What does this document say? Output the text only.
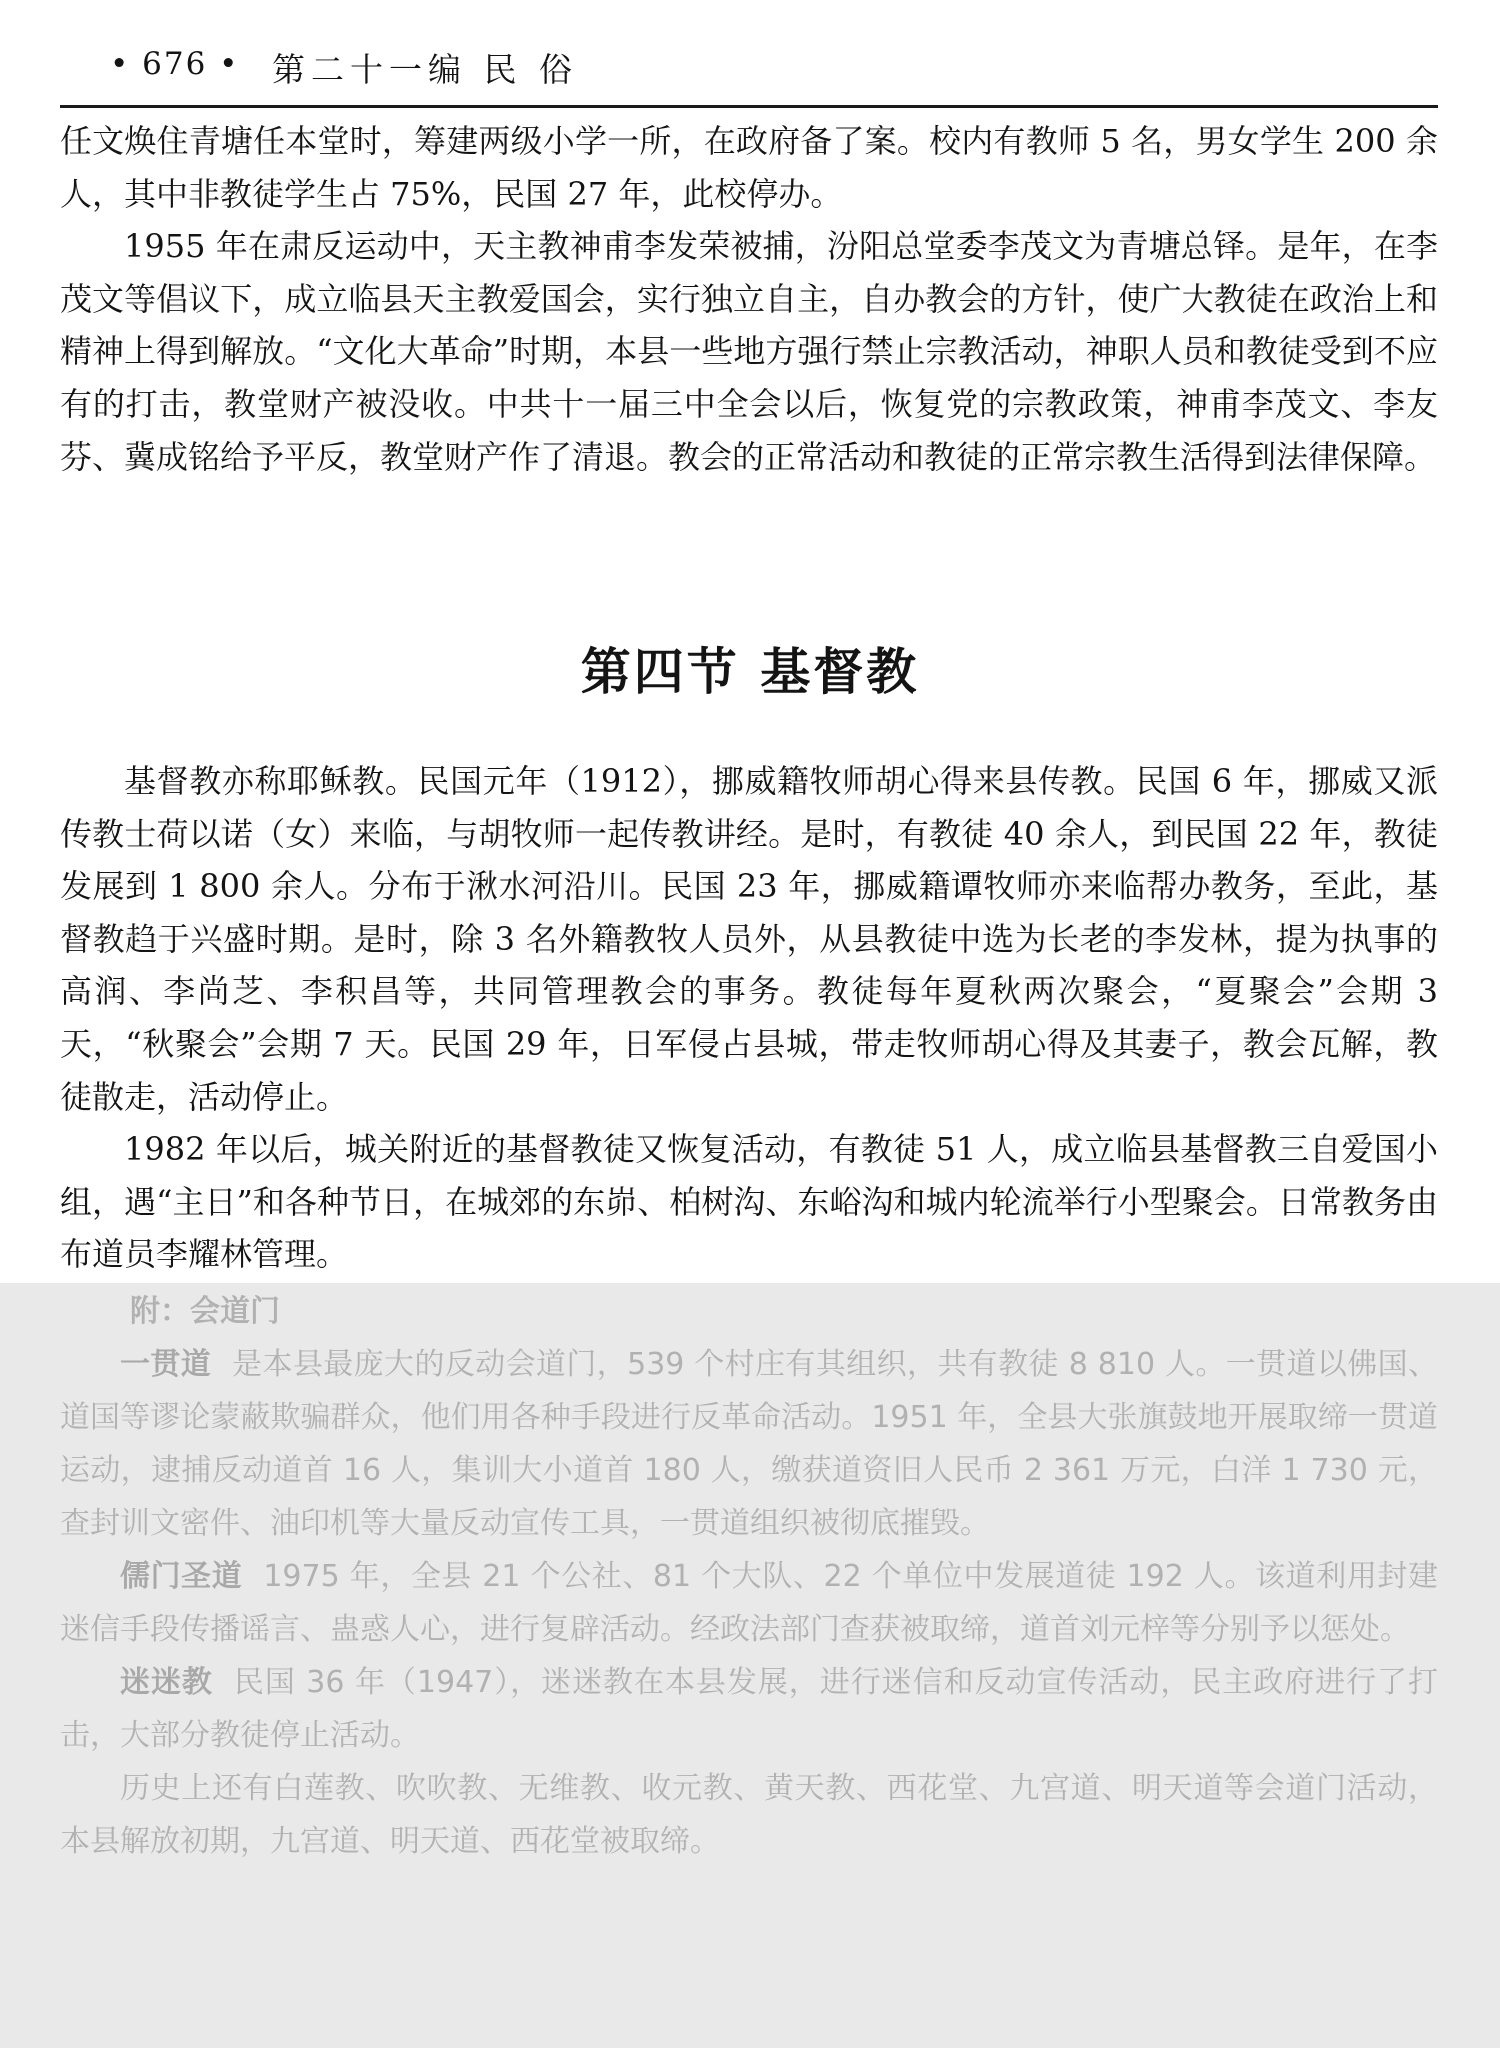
• 676 • 第二十一编 民 俗

任文焕住青塘任本堂时，筹建两级小学一所，在政府备了案。校内有教师 5 名，男女学生 200 余人，其中非教徒学生占 75%，民国 27 年，此校停办。

1955 年在肃反运动中，天主教神甫李发荣被捕，汾阳总堂委李茂文为青塘总铎。是年，在李茂文等倡议下，成立临县天主教爱国会，实行独立自主，自办教会的方针，使广大教徒在政治上和精神上得到解放。“文化大革命”时期，本县一些地方强行禁止宗教活动，神职人员和教徒受到不应有的打击，教堂财产被没收。中共十一届三中全会以后，恢复党的宗教政策，神甫李茂文、李友芬、冀成铭给予平反，教堂财产作了清退。教会的正常活动和教徒的正常宗教生活得到法律保障。

第四节 基督教

基督教亦称耶稣教。民国元年（1912），挪威籍牧师胡心得来县传教。民国 6 年，挪威又派传教士荷以诺（女）来临，与胡牧师一起传教讲经。是时，有教徒 40 余人，到民国 22 年，教徒发展到 1 800 余人。分布于湫水河沿川。民国 23 年，挪威籍谭牧师亦来临帮办教务，至此，基督教趋于兴盛时期。是时，除 3 名外籍教牧人员外，从县教徒中选为长老的李发林，提为执事的高润、李尚芝、李积昌等，共同管理教会的事务。教徒每年夏秋两次聚会，“夏聚会”会期 3 天，“秋聚会”会期 7 天。民国 29 年，日军侵占县城，带走牧师胡心得及其妻子，教会瓦解，教徒散走，活动停止。

1982 年以后，城关附近的基督教徒又恢复活动，有教徒 51 人，成立临县基督教三自爱国小组，遇“主日”和各种节日，在城郊的东峁、柏树沟、东峪沟和城内轮流举行小型聚会。日常教务由布道员李耀林管理。

附：会道门

一贯道 是本县最庞大的反动会道门，539 个村庄有其组织，共有教徒 8 810 人。一贯道以佛国、道国等谬论蒙蔽欺骗群众，他们用各种手段进行反革命活动。1951 年，全县大张旗鼓地开展取缔一贯道运动，逮捕反动道首 16 人，集训大小道首 180 人，缴获道资旧人民币 2 361 万元，白洋 1 730 元，查封训文密件、油印机等大量反动宣传工具，一贯道组织被彻底摧毁。

儒门圣道 1975 年，全县 21 个公社、81 个大队、22 个单位中发展道徒 192 人。该道利用封建迷信手段传播谣言、蛊惑人心，进行复辟活动。经政法部门查获被取缔，道首刘元梓等分别予以惩处。

迷迷教 民国 36 年（1947），迷迷教在本县发展，进行迷信和反动宣传活动，民主政府进行了打击，大部分教徒停止活动。

历史上还有白莲教、吹吹教、无维教、收元教、黄天教、西花堂、九宫道、明天道等会道门活动，本县解放初期，九宫道、明天道、西花堂被取缔。
